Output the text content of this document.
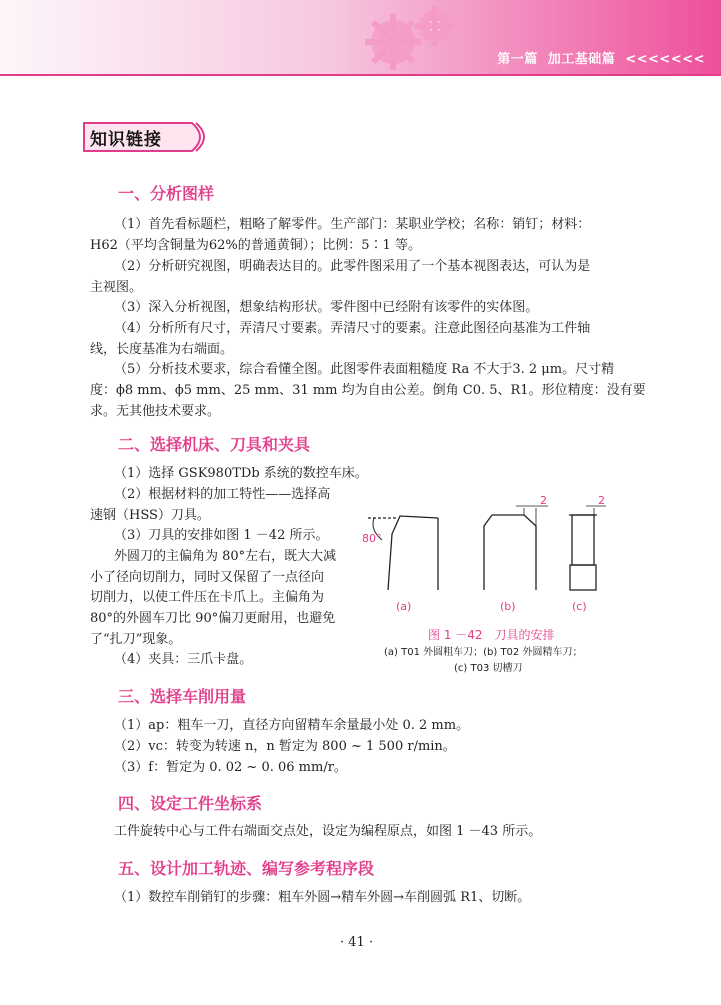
第一篇 加工基础篇 <<<<<<<
知识链接
一、分析图样
（1）首先看标题栏，粗略了解零件。生产部门：某职业学校；名称：销钉；材料：
H62（平均含铜量为62%的普通黄铜）；比例：5∶1 等。
（2）分析研究视图，明确表达目的。此零件图采用了一个基本视图表达，可认为是
主视图。
（3）深入分析视图，想象结构形状。零件图中已经附有该零件的实体图。
（4）分析所有尺寸，弄清尺寸要素。弄清尺寸的要素。注意此图径向基准为工件轴
线，长度基准为右端面。
（5）分析技术要求，综合看懂全图。此图零件表面粗糙度 Ra 不大于3. 2 μm。尺寸精
度：ϕ8 mm、ϕ5 mm、25 mm、31 mm 均为自由公差。倒角 C0. 5、R1。形位精度：没有要
求。无其他技术要求。
二、选择机床、刀具和夹具
（1）选择 GSK980TDb 系统的数控车床。
（2）根据材料的加工特性——选择高
速钢（HSS）刀具。
（3）刀具的安排如图 1 －42 所示。
外圆刀的主偏角为 80°左右，既大大减
小了径向切削力，同时又保留了一点径向
切削力，以使工件压在卡爪上。主偏角为
80°的外圆车刀比 90°偏刀更耐用，也避免
了“扎刀”现象。
（4）夹具：三爪卡盘。
80°
2	2
(a)	(b)	(c)
图 1 －42　刀具的安排
(a) T01 外圆粗车刀；(b) T02 外圆精车刀；
(c) T03 切槽刀
三、选择车削用量
（1）ap：粗车一刀，直径方向留精车余量最小处 0. 2 mm。
（2）vc：转变为转速 n，n 暂定为 800 ~ 1 500 r/min。
（3）f：暂定为 0. 02 ~ 0. 06 mm/r。
四、设定工件坐标系
工件旋转中心与工件右端面交点处，设定为编程原点，如图 1 －43 所示。
五、设计加工轨迹、编写参考程序段
（1）数控车削销钉的步骤：粗车外圆→精车外圆→车削圆弧 R1、切断。
· 41 ·
